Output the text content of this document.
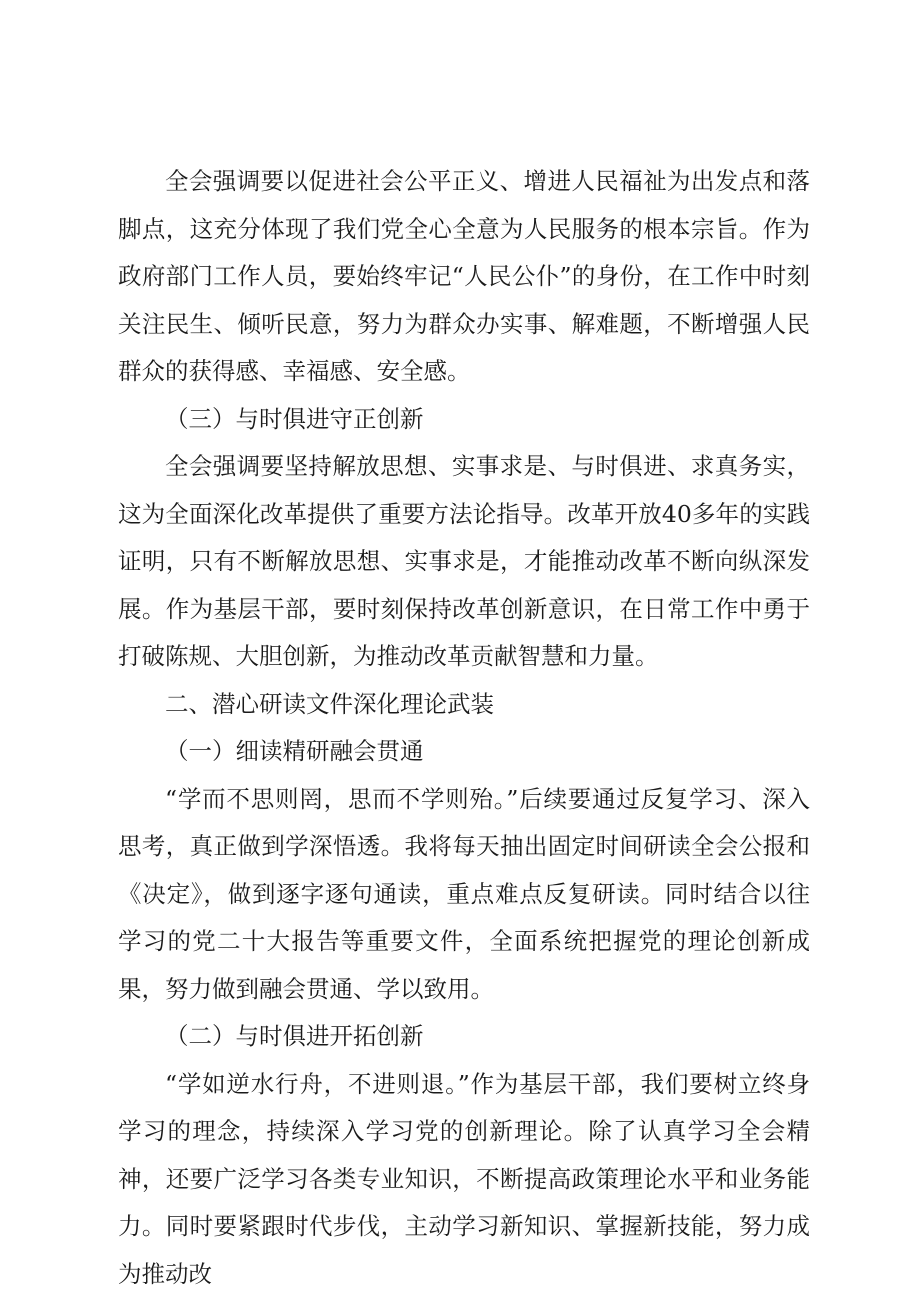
全会强调要以促进社会公平正义、增进人民福祉为出发点和落脚点，这充分体现了我们党全心全意为人民服务的根本宗旨。作为政府部门工作人员，要始终牢记“人民公仆”的身份，在工作中时刻关注民生、倾听民意，努力为群众办实事、解难题，不断增强人民群众的获得感、幸福感、安全感。

（三）与时俱进守正创新

全会强调要坚持解放思想、实事求是、与时俱进、求真务实，这为全面深化改革提供了重要方法论指导。改革开放40多年的实践证明，只有不断解放思想、实事求是，才能推动改革不断向纵深发展。作为基层干部，要时刻保持改革创新意识，在日常工作中勇于打破陈规、大胆创新，为推动改革贡献智慧和力量。

二、潜心研读文件深化理论武装

（一）细读精研融会贯通

“学而不思则罔，思而不学则殆。”后续要通过反复学习、深入思考，真正做到学深悟透。我将每天抽出固定时间研读全会公报和《决定》，做到逐字逐句通读，重点难点反复研读。同时结合以往学习的党二十大报告等重要文件，全面系统把握党的理论创新成果，努力做到融会贯通、学以致用。

（二）与时俱进开拓创新

“学如逆水行舟，不进则退。”作为基层干部，我们要树立终身学习的理念，持续深入学习党的创新理论。除了认真学习全会精神，还要广泛学习各类专业知识，不断提高政策理论水平和业务能力。同时要紧跟时代步伐，主动学习新知识、掌握新技能，努力成为推动改
